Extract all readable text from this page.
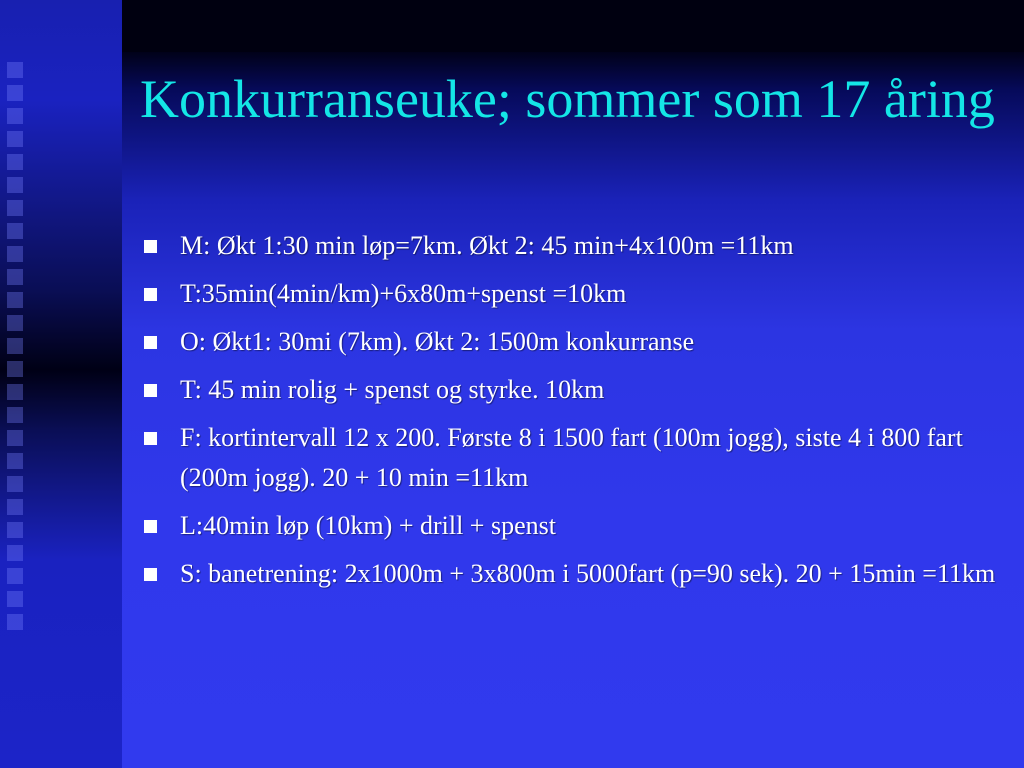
Konkurranseuke; sommer som 17 åring
M: Økt 1:30 min løp=7km. Økt 2: 45 min+4x100m =11km
T:35min(4min/km)+6x80m+spenst =10km
O: Økt1: 30mi (7km). Økt 2: 1500m konkurranse
T: 45 min rolig + spenst og styrke. 10km
F: kortintervall 12 x 200. Første 8 i 1500 fart (100m jogg), siste 4 i 800 fart (200m jogg). 20 + 10 min =11km
L:40min løp (10km) + drill + spenst
S: banetrening: 2x1000m + 3x800m i 5000fart (p=90 sek). 20 + 15min =11km
